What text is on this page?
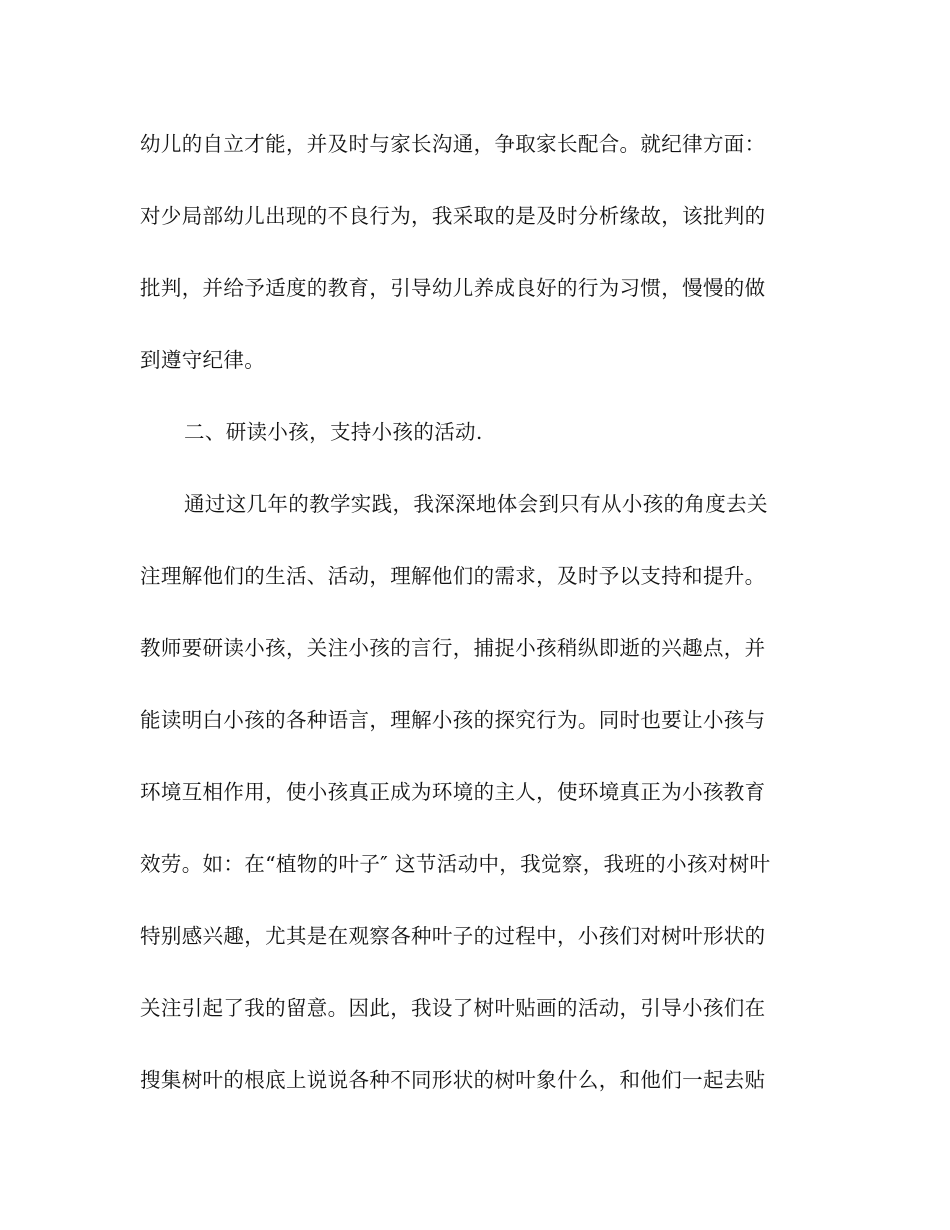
幼儿的自立才能，并及时与家长沟通，争取家长配合。就纪律方面：
对少局部幼儿出现的不良行为，我采取的是及时分析缘故，该批判的
批判，并给予适度的教育，引导幼儿养成良好的行为习惯，慢慢的做
到遵守纪律。
二、研读小孩，支持小孩的活动.
通过这几年的教学实践，我深深地体会到只有从小孩的角度去关
注理解他们的生活、活动，理解他们的需求，及时予以支持和提升。
教师要研读小孩，关注小孩的言行，捕捉小孩稍纵即逝的兴趣点，并
能读明白小孩的各种语言，理解小孩的探究行为。同时也要让小孩与
环境互相作用，使小孩真正成为环境的主人，使环境真正为小孩教育
效劳。如：在“植物的叶子″ 这节活动中，我觉察，我班的小孩对树叶
特别感兴趣，尤其是在观察各种叶子的过程中，小孩们对树叶形状的
关注引起了我的留意。因此，我设了树叶贴画的活动，引导小孩们在
搜集树叶的根底上说说各种不同形状的树叶象什么，和他们一起去贴
